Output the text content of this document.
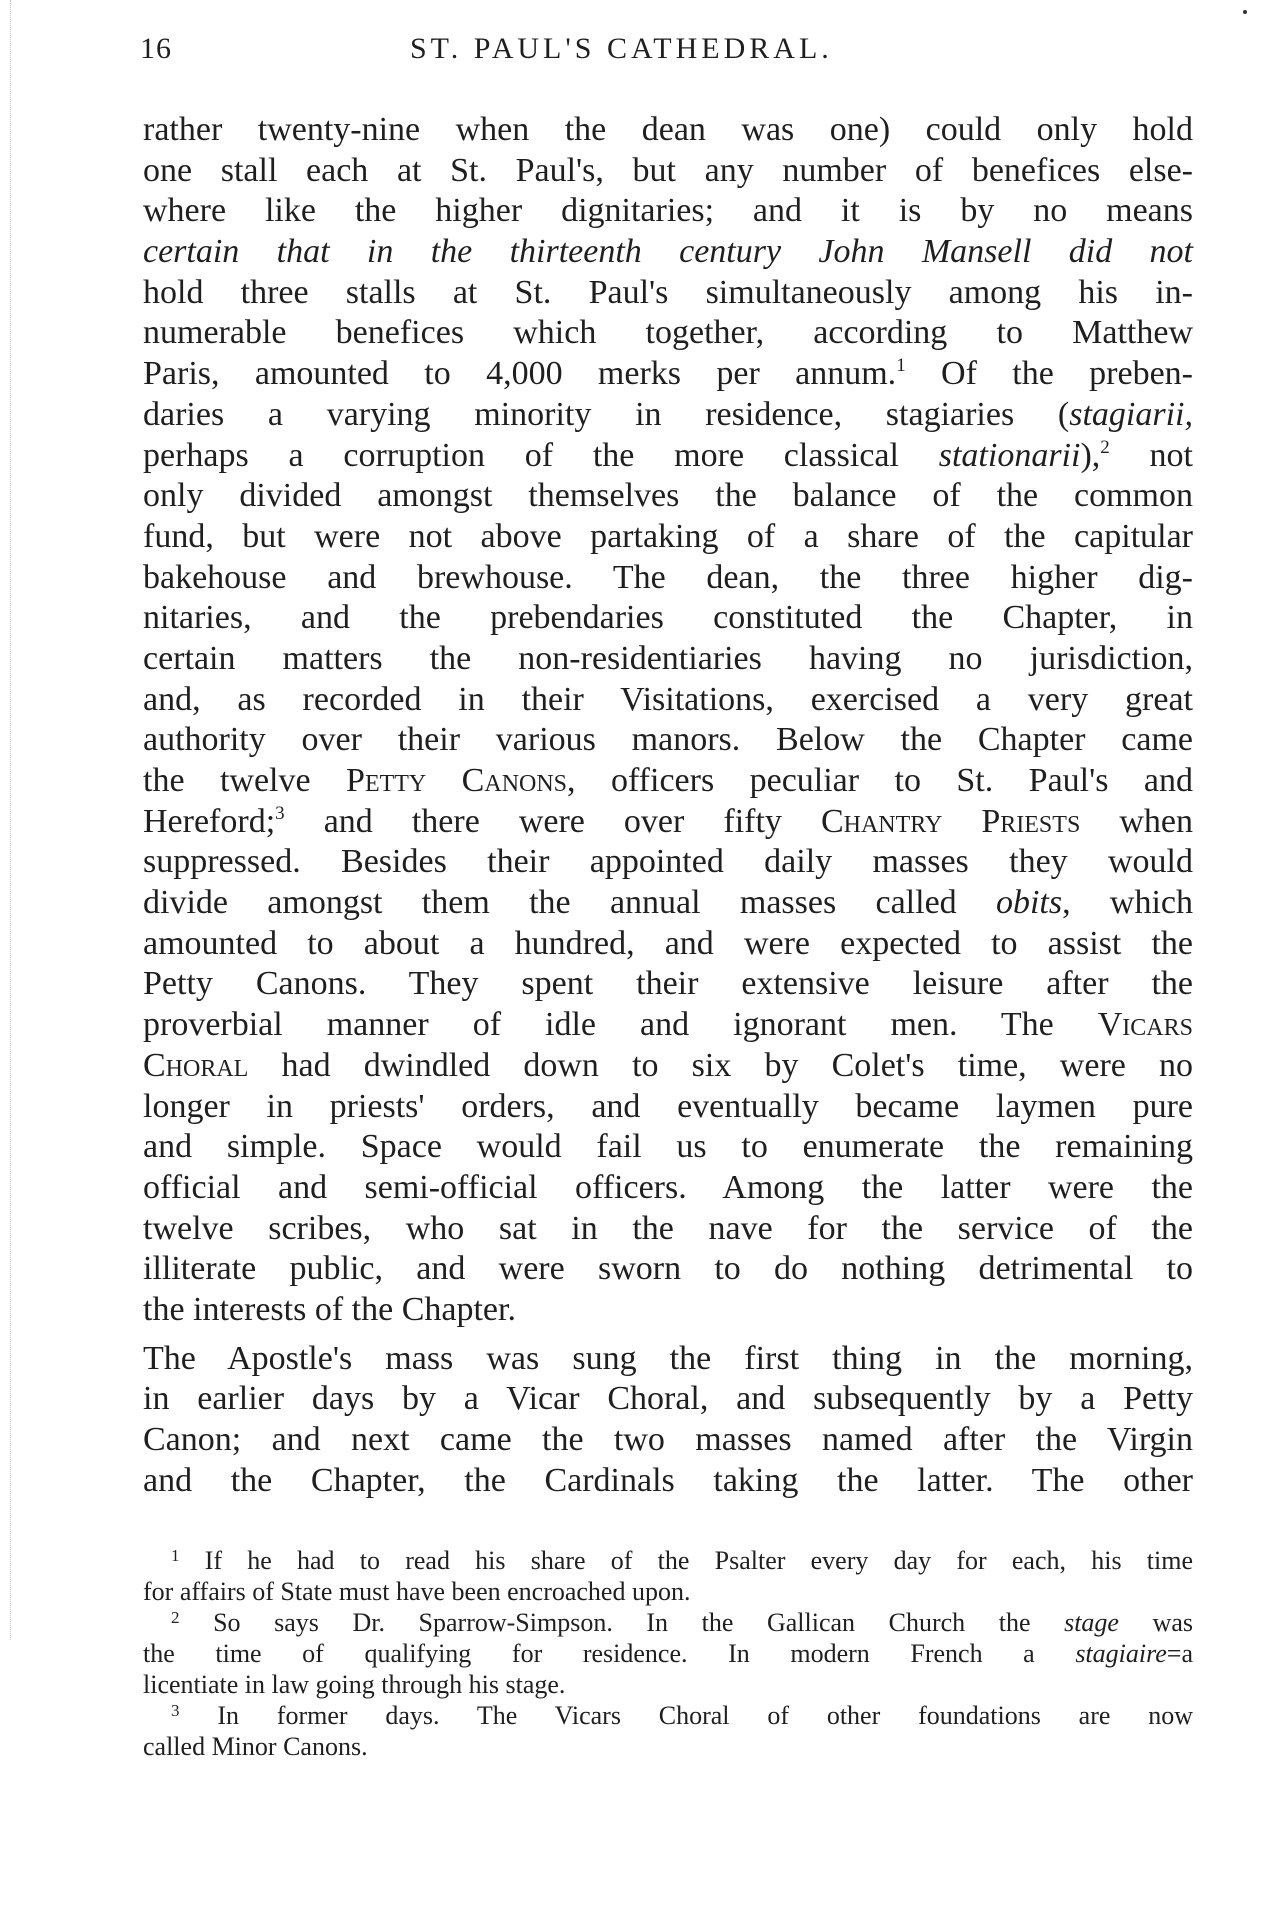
16	ST. PAUL'S CATHEDRAL.
rather twenty-nine when the dean was one) could only hold
one stall each at St. Paul's, but any number of benefices else-
where like the higher dignitaries; and it is by no means
certain that in the thirteenth century John Mansell did not
hold three stalls at St. Paul's simultaneously among his in-
numerable benefices which together, according to Matthew
Paris, amounted to 4,000 merks per annum.$^1$ Of the preben-
daries a varying minority in residence, stagiaries (stagiarii,
perhaps a corruption of the more classical stationarii),$^2$ not
only divided amongst themselves the balance of the common
fund, but were not above partaking of a share of the capitular
bakehouse and brewhouse. The dean, the three higher dig-
nitaries, and the prebendaries constituted the Chapter, in
certain matters the non-residentiaries having no jurisdiction,
and, as recorded in their Visitations, exercised a very great
authority over their various manors. Below the Chapter came
the twelve Petty Canons, officers peculiar to St. Paul's and
Hereford;$^3$ and there were over fifty Chantry Priests when
suppressed. Besides their appointed daily masses they would
divide amongst them the annual masses called obits, which
amounted to about a hundred, and were expected to assist the
Petty Canons. They spent their extensive leisure after the
proverbial manner of idle and ignorant men. The Vicars
Choral had dwindled down to six by Colet's time, were no
longer in priests' orders, and eventually became laymen pure
and simple. Space would fail us to enumerate the remaining
official and semi-official officers. Among the latter were the
twelve scribes, who sat in the nave for the service of the
illiterate public, and were sworn to do nothing detrimental to
the interests of the Chapter.
The Apostle's mass was sung the first thing in the morning,
in earlier days by a Vicar Choral, and subsequently by a Petty
Canon; and next came the two masses named after the Virgin
and the Chapter, the Cardinals taking the latter. The other
$^1$ If he had to read his share of the Psalter every day for each, his time
for affairs of State must have been encroached upon.
$^2$ So says Dr. Sparrow-Simpson. In the Gallican Church the stage was
the time of qualifying for residence. In modern French a stagiaire=a
licentiate in law going through his stage.
$^3$ In former days. The Vicars Choral of other foundations are now
called Minor Canons.
